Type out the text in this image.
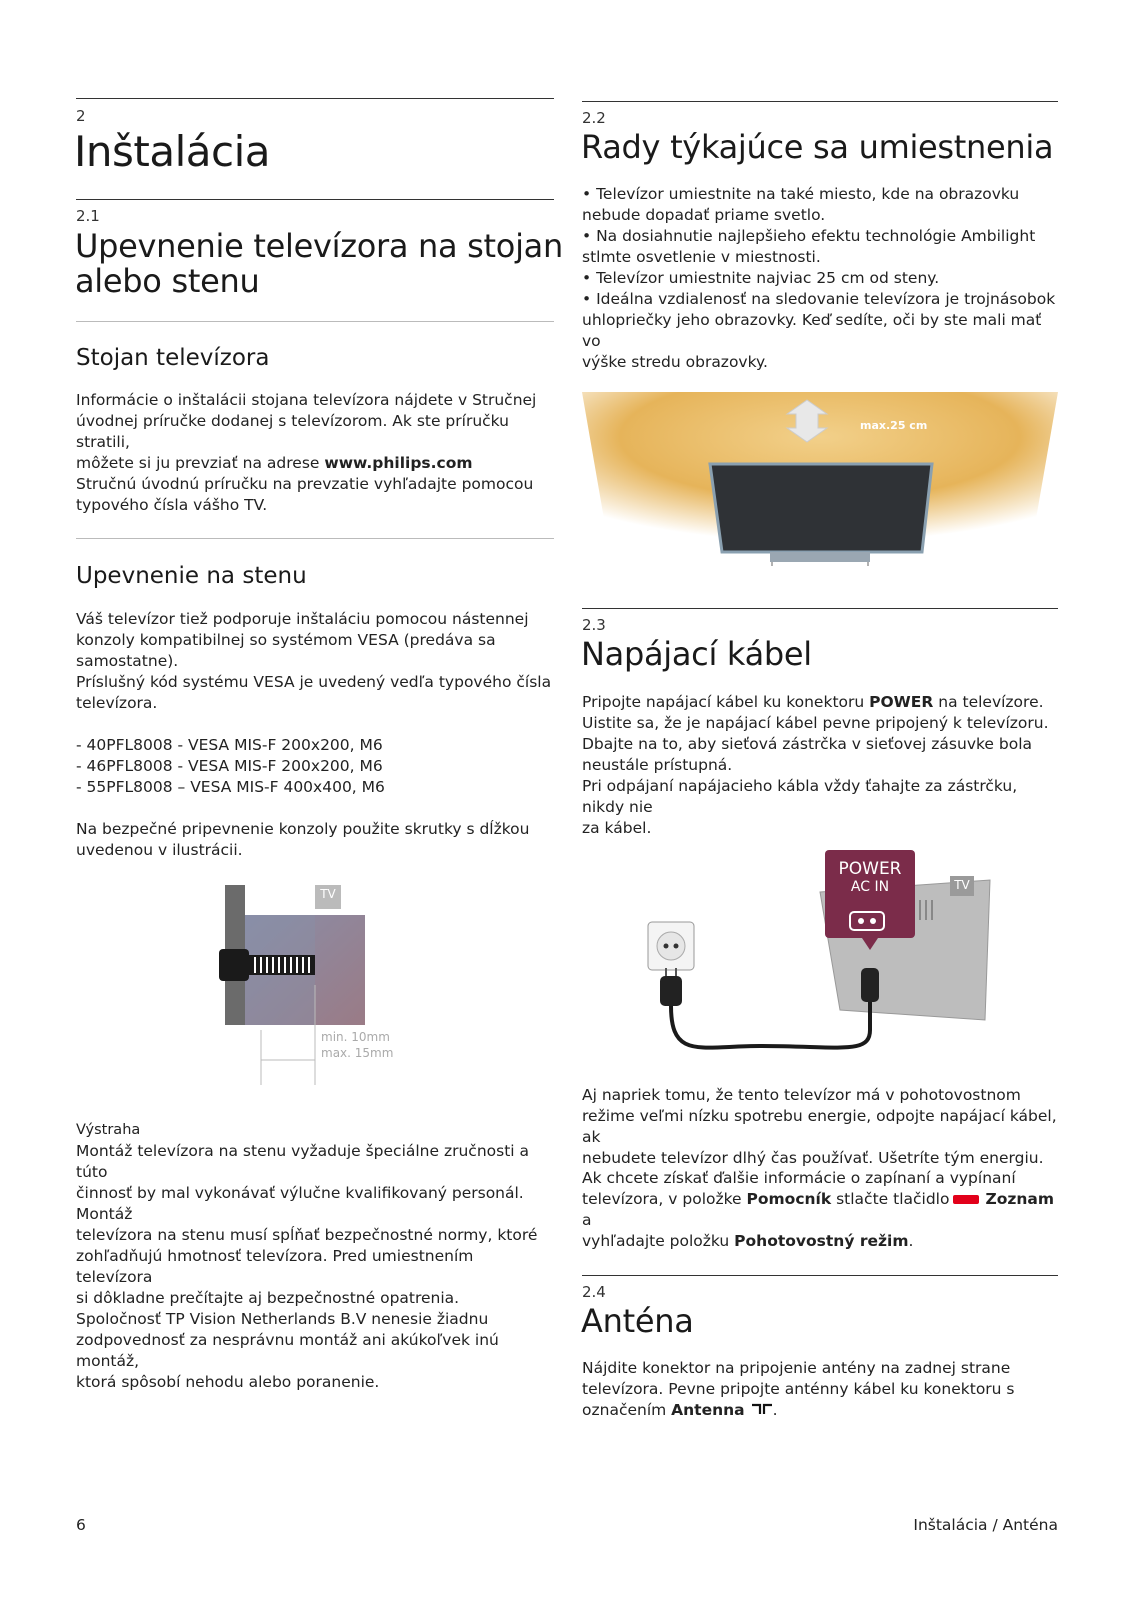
2
Inštalácia
2.1
Upevnenie televízora na stojan
alebo stenu
Stojan televízora

Informácie o inštalácii stojana televízora nájdete v Stručnej

úvodnej príručke dodanej s televízorom. Ak ste príručku stratili,

môžete si ju prevziať na adrese www.philips.com

Stručnú úvodnú príručku na prevzatie vyhľadajte pomocou

typového čísla vášho TV.

Upevnenie na stenu

Váš televízor tiež podporuje inštaláciu pomocou nástennej

konzoly kompatibilnej so systémom VESA (predáva sa

samostatne).

Príslušný kód systému VESA je uvedený vedľa typového čísla

televízora.

- 40PFL8008 - VESA MIS-F 200x200, M6

- 46PFL8008 - VESA MIS-F 200x200, M6

- 55PFL8008 – VESA MIS-F 400x400, M6

Na bezpečné pripevnenie konzoly použite skrutky s dĺžkou

uvedenou v ilustrácii.

TV
min. 10mm
max. 15mm

Výstraha

Montáž televízora na stenu vyžaduje špeciálne zručnosti a túto

činnosť by mal vykonávať výlučne kvalifikovaný personál. Montáž

televízora na stenu musí spĺňať bezpečnostné normy, ktoré

zohľadňujú hmotnosť televízora. Pred umiestnením televízora

si dôkladne prečítajte aj bezpečnostné opatrenia.

Spoločnosť TP Vision Netherlands B.V nenesie žiadnu

zodpovednosť za nesprávnu montáž ani akúkoľvek inú montáž,

ktorá spôsobí nehodu alebo poranenie.

2.2
Rady týkajúce sa umiestnenia

• Televízor umiestnite na také miesto, kde na obrazovku

nebude dopadať priame svetlo.

• Na dosiahnutie najlepšieho efektu technológie Ambilight

stlmte osvetlenie v miestnosti.

• Televízor umiestnite najviac 25 cm od steny.

• Ideálna vzdialenosť na sledovanie televízora je trojnásobok

uhlopriečky jeho obrazovky. Keď sedíte, oči by ste mali mať vo

výške stredu obrazovky.

max.25 cm
2.3
Napájací kábel

Pripojte napájací kábel ku konektoru POWER na televízore.

Uistite sa, že je napájací kábel pevne pripojený k televízoru.

Dbajte na to, aby sieťová zástrčka v sieťovej zásuvke bola

neustále prístupná.

Pri odpájaní napájacieho kábla vždy ťahajte za zástrčku, nikdy nie

za kábel.

POWER
AC IN	TV

Aj napriek tomu, že tento televízor má v pohotovostnom

režime veľmi nízku spotrebu energie, odpojte napájací kábel, ak

nebudete televízor dlhý čas používať. Ušetríte tým energiu.

Ak chcete získať ďalšie informácie o zapínaní a vypínaní

televízora, v položke Pomocník stlačte tlačidlo Zoznam a

vyhľadajte položku Pohotovostný režim.

2.4
Anténa

Nájdite konektor na pripojenie antény na zadnej strane

televízora. Pevne pripojte anténny kábel ku konektoru s

označením Antenna .

6	Inštalácia / Anténa
